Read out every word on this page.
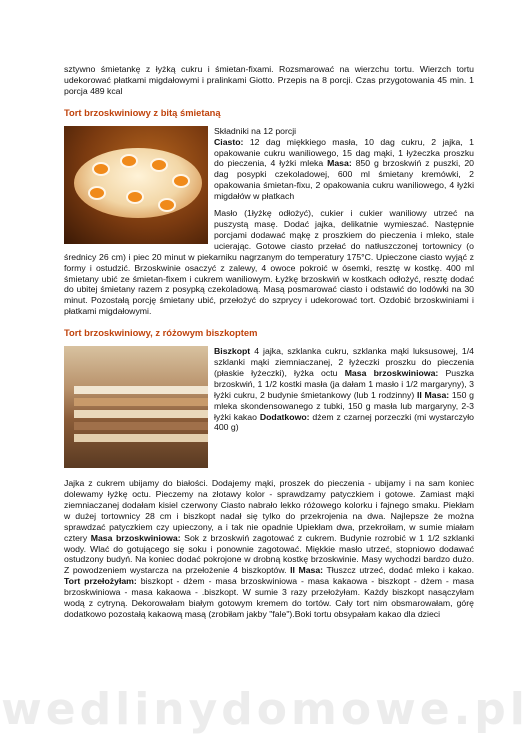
sztywno śmietankę z łyżką cukru i śmietan-fixami. Rozsmarować na wierzchu tortu. Wierzch tortu udekorować płatkami migdałowymi i pralinkami Giotto. Przepis na 8 porcji. Czas przygotowania 45 min. 1 porcja 489 kcal

Tort brzoskwiniowy z bitą śmietaną

Składniki na 12 porcji

Ciasto: 12 dag miękkiego masła, 10 dag cukru, 2 jajka, 1 opakowanie cukru waniliowego, 15 dag mąki, 1 łyżeczka proszku do pieczenia, 4 łyżki mleka Masa: 850 g brzoskwiń z puszki, 20 dag posypki czekoladowej, 600 ml śmietany kremówki, 2 opakowania śmietan-fixu, 2 opakowania cukru waniliowego, 4 łyżki migdałów w płatkach

Masło (1łyżkę odłożyć), cukier i cukier waniliowy utrzeć na puszystą masę. Dodać jajka, delikatnie wymieszać. Następnie porcjami dodawać mąkę z proszkiem do pieczenia i mleko, stale ucierając. Gotowe ciasto przełać do natłuszczonej tortownicy (o średnicy 26 cm) i piec 20 minut w piekarniku nagrzanym do temperatury 175°C. Upieczone ciasto wyjąć z formy i ostudzić. Brzoskwinie osaczyć z zalewy, 4 owoce pokroić w ósemki, resztę w kostkę. 400 ml śmietany ubić ze śmietan-fixem i cukrem waniliowym. Łyżkę brzoskwiń w kostkach odłożyć, resztę dodać do ubitej śmietany razem z posypką czekoladową. Masą posmarować ciasto i odstawić do lodówki na 30 minut. Pozostałą porcję śmietany ubić, przełożyć do szprycy i udekorować tort. Ozdobić brzoskwiniami i płatkami migdałowymi.

Tort brzoskwiniowy, z różowym biszkoptem

Biszkopt 4 jajka, szklanka cukru, szklanka mąki luksusowej, 1/4 szklanki mąki ziemniaczanej, 2 łyżeczki proszku do pieczenia (płaskie łyżeczki), łyżka octu Masa brzoskwiniowa: Puszka brzoskwiń, 1 1/2 kostki masła (ja dałam 1 masło i 1/2 margaryny), 3 łyżki cukru, 2 budynie śmietankowy (lub 1 rodzinny) II Masa: 150 g mleka skondensowanego z tubki, 150 g masła lub margaryny, 2-3 łyżki kakao Dodatkowo: dżem z czarnej porzeczki (mi wystarczyło 400 g)

Jajka z cukrem ubijamy do białości. Dodajemy mąki, proszek do pieczenia - ubijamy i na sam koniec dolewamy łyżkę octu. Pieczemy na złotawy kolor - sprawdzamy patyczkiem i gotowe. Zamiast mąki ziemniaczanej dodałam kisiel czerwony Ciasto nabrało lekko różowego kolorku i fajnego smaku. Piekłam w dużej tortownicy 28 cm i biszkopt nadał się tylko do przekrojenia na dwa. Najlepsze że można sprawdzać patyczkiem czy upieczony, a i tak nie opadnie Upiekłam dwa, przekroiłam, w sumie miałam cztery Masa brzoskwiniowa: Sok z brzoskwiń zagotować z cukrem. Budynie rozrobić w 1 1/2 szklanki wody. Wlać do gotującego się soku i ponownie zagotować. Miękkie masło utrzeć, stopniowo dodawać ostudzony budyń. Na koniec dodać pokrojone w drobną kostkę brzoskwinie. Masy wychodzi bardzo dużo. Z powodzeniem wystarcza na przełożenie 4 biszkoptów. II Masa: Tłuszcz utrzeć, dodać mleko i kakao. Tort przełożyłam: biszkopt - dżem - masa brzoskwiniowa - masa kakaowa - biszkopt - dżem - masa brzoskwiniowa - masa kakaowa - .biszkopt. W sumie 3 razy przełożyłam. Każdy biszkopt nasączyłam wodą z cytryną. Dekorowałam białym gotowym kremem do tortów. Cały tort nim obsmarowałam, górę dodatkowo pozostałą kakaową masą (zrobiłam jakby "fale").Boki tortu obsypałam kakao dla dzieci

wedlinydomowe.pl
